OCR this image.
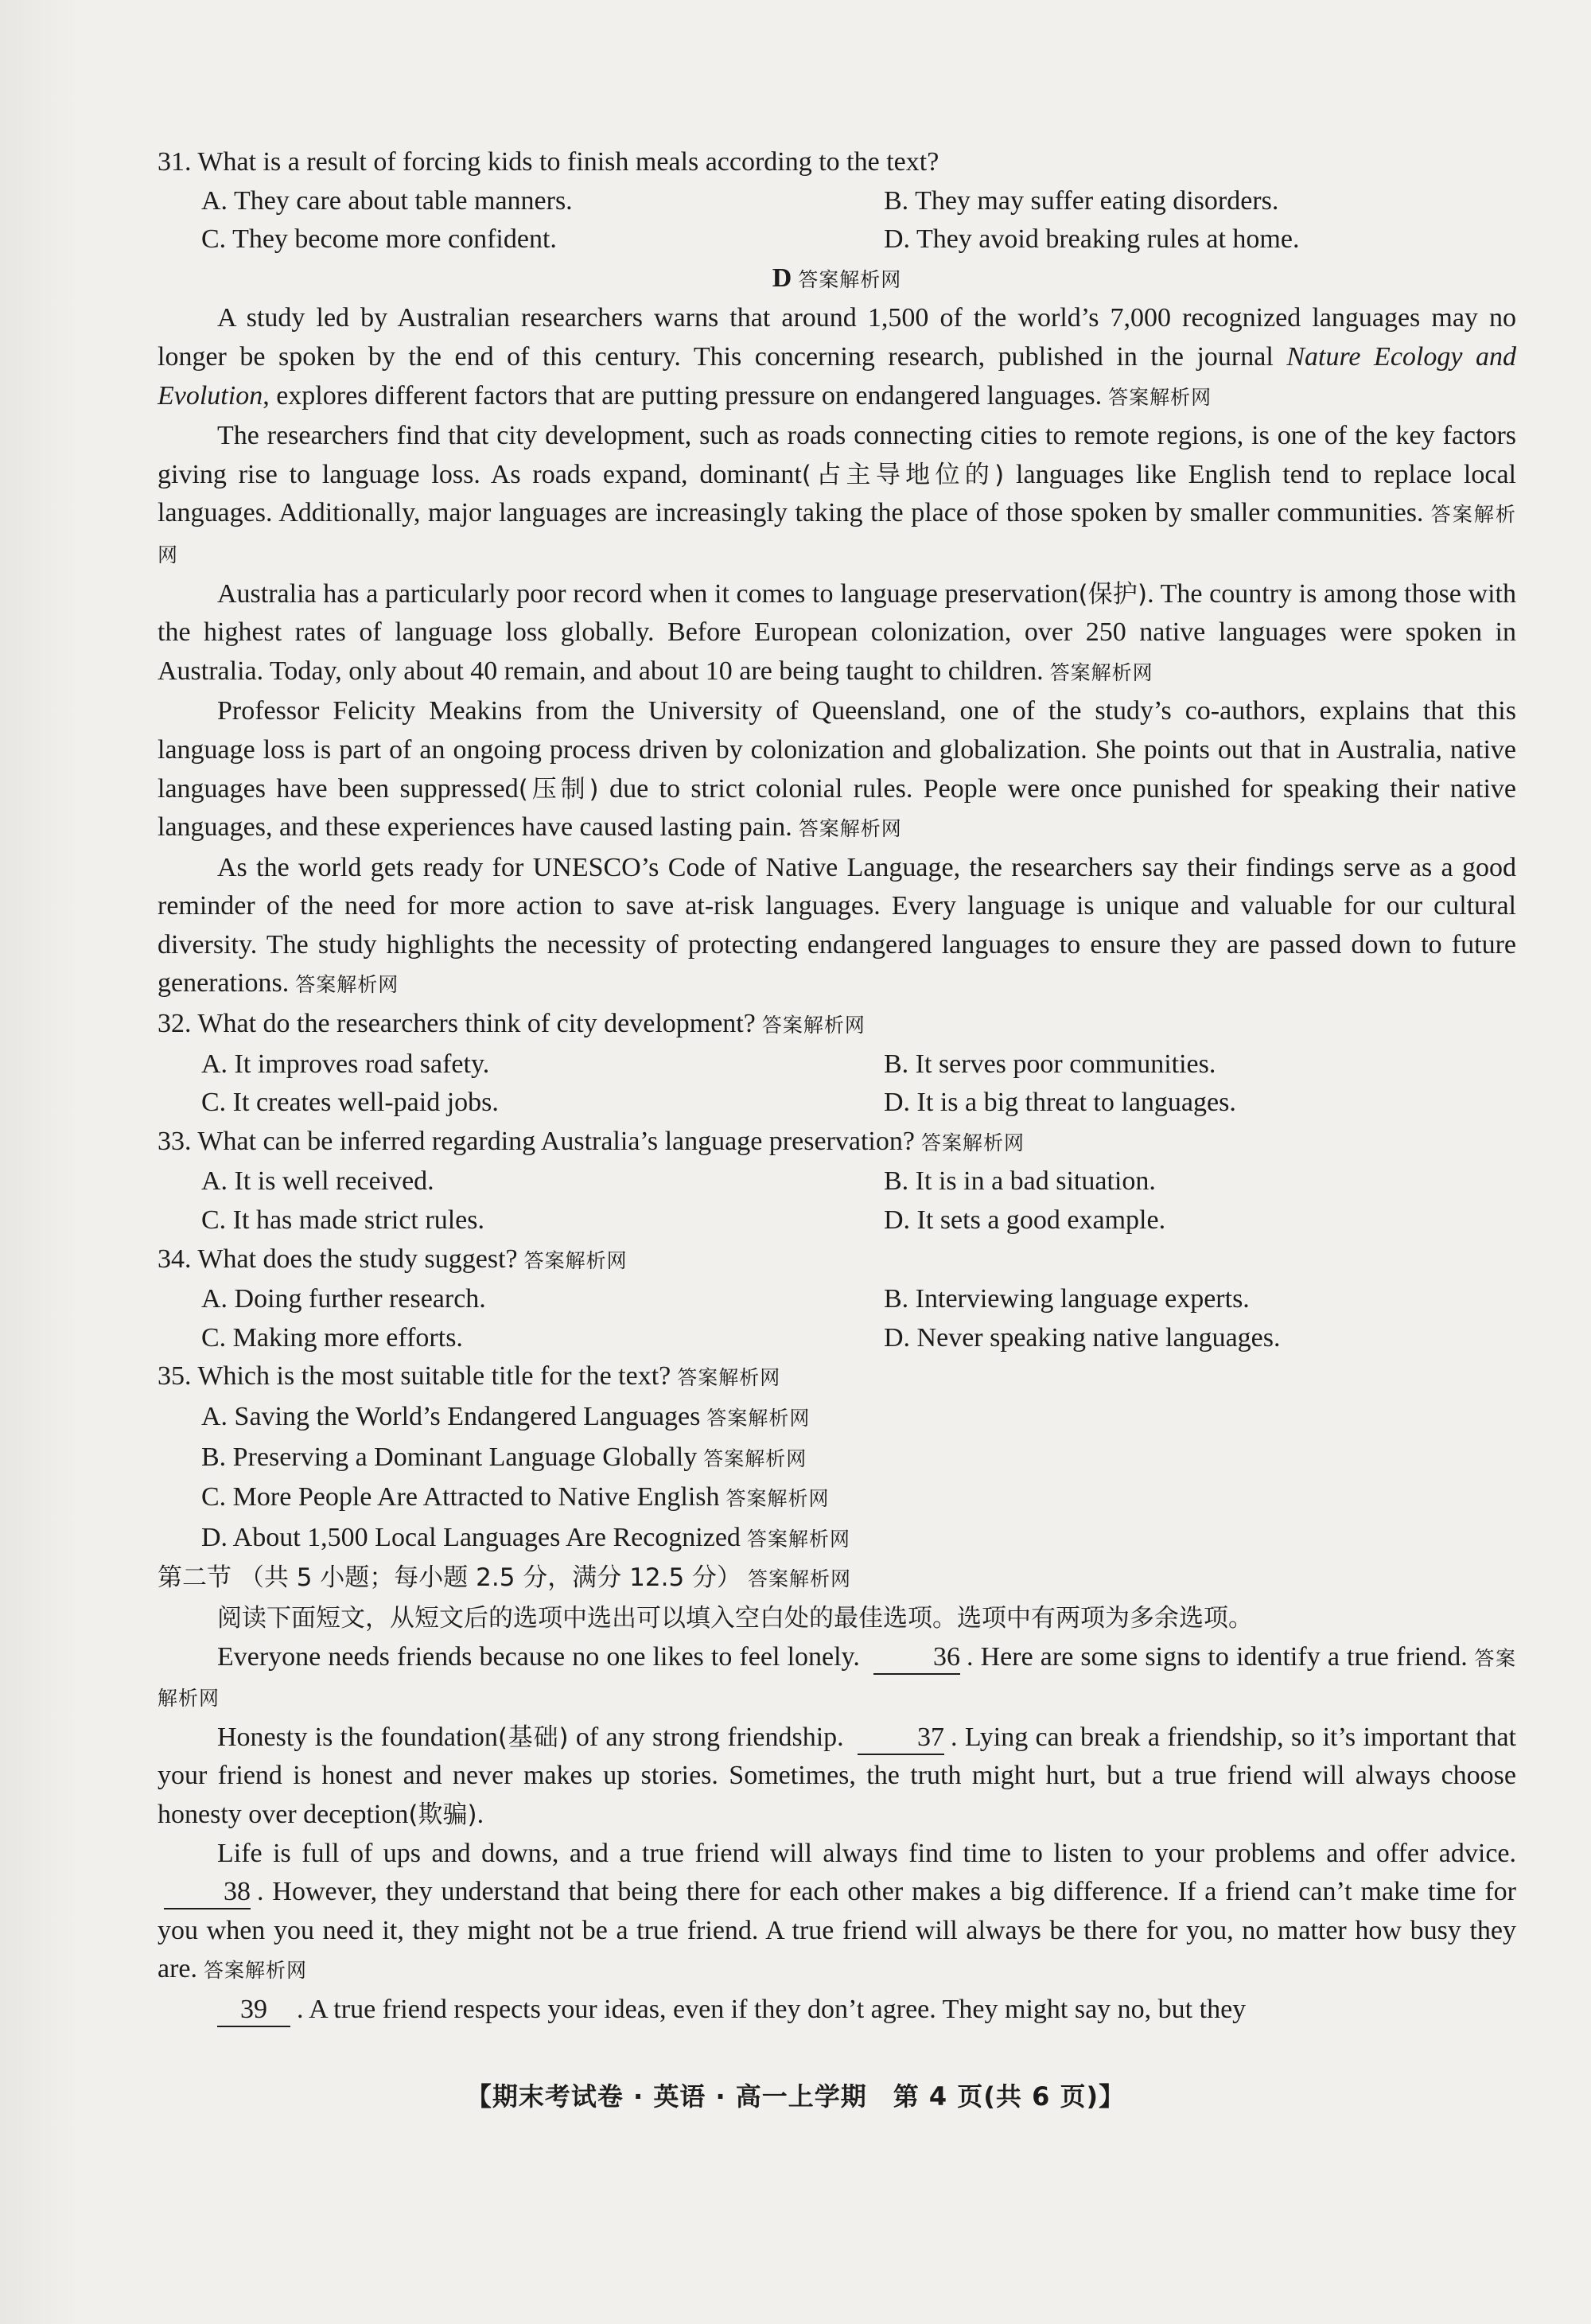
31. What is a result of forcing kids to finish meals according to the text?

A. They care about table manners.	B. They may suffer eating disorders.
C. They become more confident.	D. They avoid breaking rules at home.

D 答案解析网

A study led by Australian researchers warns that around 1,500 of the world’s 7,000 recognized languages may no longer be spoken by the end of this century. This concerning research, published in the journal Nature Ecology and Evolution, explores different factors that are putting pressure on endangered languages. 答案解析网

The researchers find that city development, such as roads connecting cities to remote regions, is one of the key factors giving rise to language loss. As roads expand, dominant(占主导地位的) languages like English tend to replace local languages. Additionally, major languages are increasingly taking the place of those spoken by smaller communities. 答案解析网

Australia has a particularly poor record when it comes to language preservation(保护). The country is among those with the highest rates of language loss globally. Before European colonization, over 250 native languages were spoken in Australia. Today, only about 40 remain, and about 10 are being taught to children. 答案解析网

Professor Felicity Meakins from the University of Queensland, one of the study’s co-authors, explains that this language loss is part of an ongoing process driven by colonization and globalization. She points out that in Australia, native languages have been suppressed(压制) due to strict colonial rules. People were once punished for speaking their native languages, and these experiences have caused lasting pain. 答案解析网

As the world gets ready for UNESCO’s Code of Native Language, the researchers say their findings serve as a good reminder of the need for more action to save at-risk languages. Every language is unique and valuable for our cultural diversity. The study highlights the necessity of protecting endangered languages to ensure they are passed down to future generations. 答案解析网

32. What do the researchers think of city development? 答案解析网

A. It improves road safety.	B. It serves poor communities.
C. It creates well-paid jobs.	D. It is a big threat to languages.

33. What can be inferred regarding Australia’s language preservation? 答案解析网

A. It is well received.	B. It is in a bad situation.
C. It has made strict rules.	D. It sets a good example.

34. What does the study suggest? 答案解析网

A. Doing further research.	B. Interviewing language experts.
C. Making more efforts.	D. Never speaking native languages.

35. Which is the most suitable title for the text? 答案解析网

A. Saving the World’s Endangered Languages 答案解析网
B. Preserving a Dominant Language Globally 答案解析网
C. More People Are Attracted to Native English 答案解析网
D. About 1,500 Local Languages Are Recognized 答案解析网

第二节 （共 5 小题；每小题 2.5 分，满分 12.5 分） 答案解析网

阅读下面短文，从短文后的选项中选出可以填入空白处的最佳选项。选项中有两项为多余选项。

Everyone needs friends because no one likes to feel lonely. 36 . Here are some signs to identify a true friend. 答案解析网

Honesty is the foundation(基础) of any strong friendship. 37 . Lying can break a friendship, so it’s important that your friend is honest and never makes up stories. Sometimes, the truth might hurt, but a true friend will always choose honesty over deception(欺骗).

Life is full of ups and downs, and a true friend will always find time to listen to your problems and offer advice. 38 . However, they understand that being there for each other makes a big difference. If a friend can’t make time for you when you need it, they might not be a true friend. A true friend will always be there for you, no matter how busy they are. 答案解析网

39 . A true friend respects your ideas, even if they don’t agree. They might say no, but they

【期末考试卷 · 英语 · 高一上学期　第 4 页(共 6 页)】
